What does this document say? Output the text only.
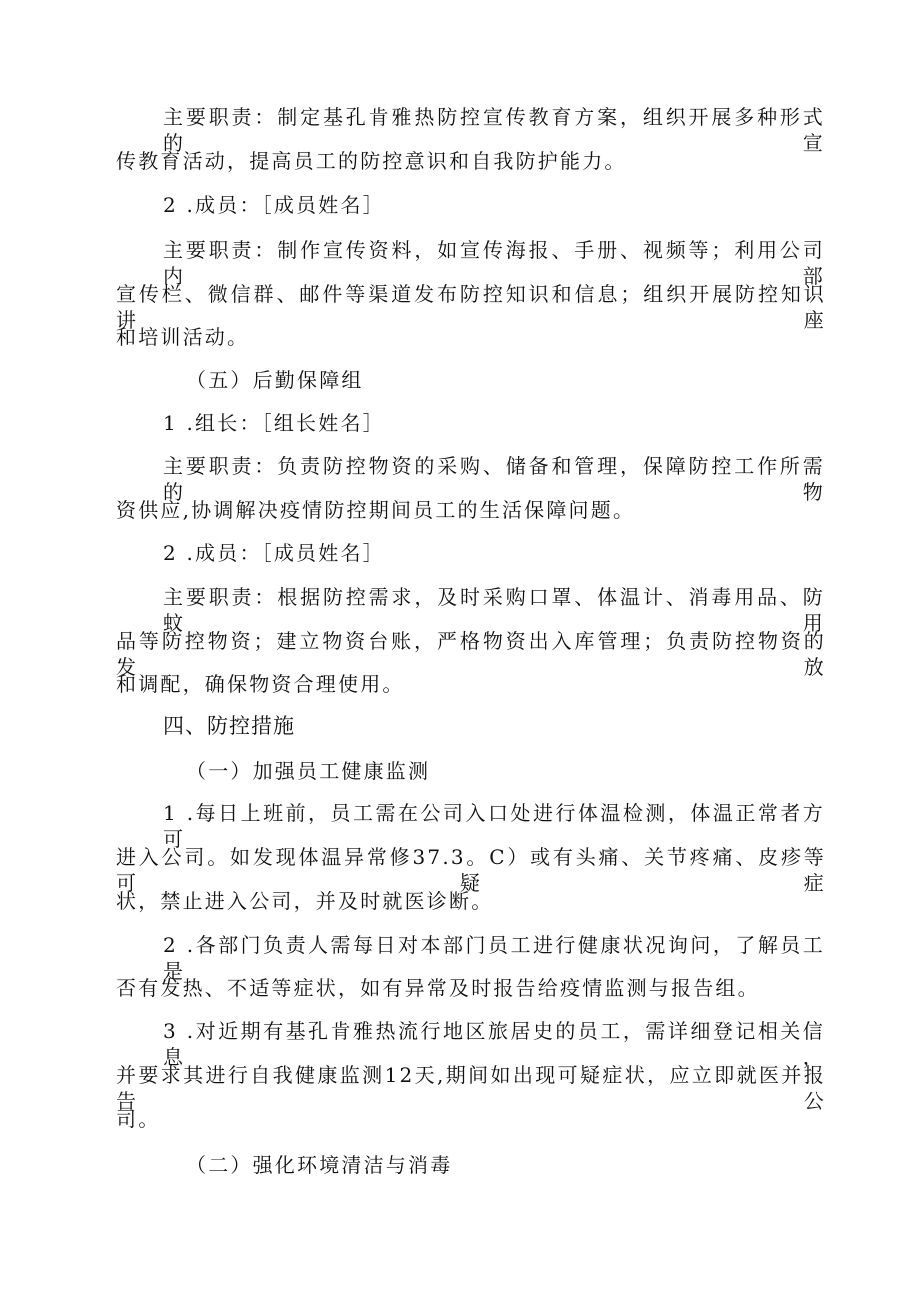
主要职责：制定基孔肯雅热防控宣传教育方案，组织开展多种形式的宣
传教育活动，提高员工的防控意识和自我防护能力。
2 .成员：［成员姓名］
主要职责：制作宣传资料，如宣传海报、手册、视频等；利用公司内部
宣传栏、微信群、邮件等渠道发布防控知识和信息；组织开展防控知识讲座
和培训活动。
（五）后勤保障组
1 .组长：［组长姓名］
主要职责：负责防控物资的采购、储备和管理，保障防控工作所需的物
资供应,协调解决疫情防控期间员工的生活保障问题。
2 .成员：［成员姓名］
主要职责：根据防控需求，及时采购口罩、体温计、消毒用品、防蚊用
品等防控物资；建立物资台账，严格物资出入库管理；负责防控物资的发放
和调配，确保物资合理使用。
四、防控措施
（一）加强员工健康监测
1 .每日上班前，员工需在公司入口处进行体温检测，体温正常者方可
进入公司。如发现体温异常修37.3。C）或有头痛、关节疼痛、皮疹等可疑症
状，禁止进入公司，并及时就医诊断。
2 .各部门负责人需每日对本部门员工进行健康状况询问，了解员工是
否有发热、不适等症状，如有异常及时报告给疫情监测与报告组。
3 .对近期有基孔肯雅热流行地区旅居史的员工，需详细登记相关信息，
并要求其进行自我健康监测12天,期间如出现可疑症状，应立即就医并报告公
司。
（二）强化环境清洁与消毒
